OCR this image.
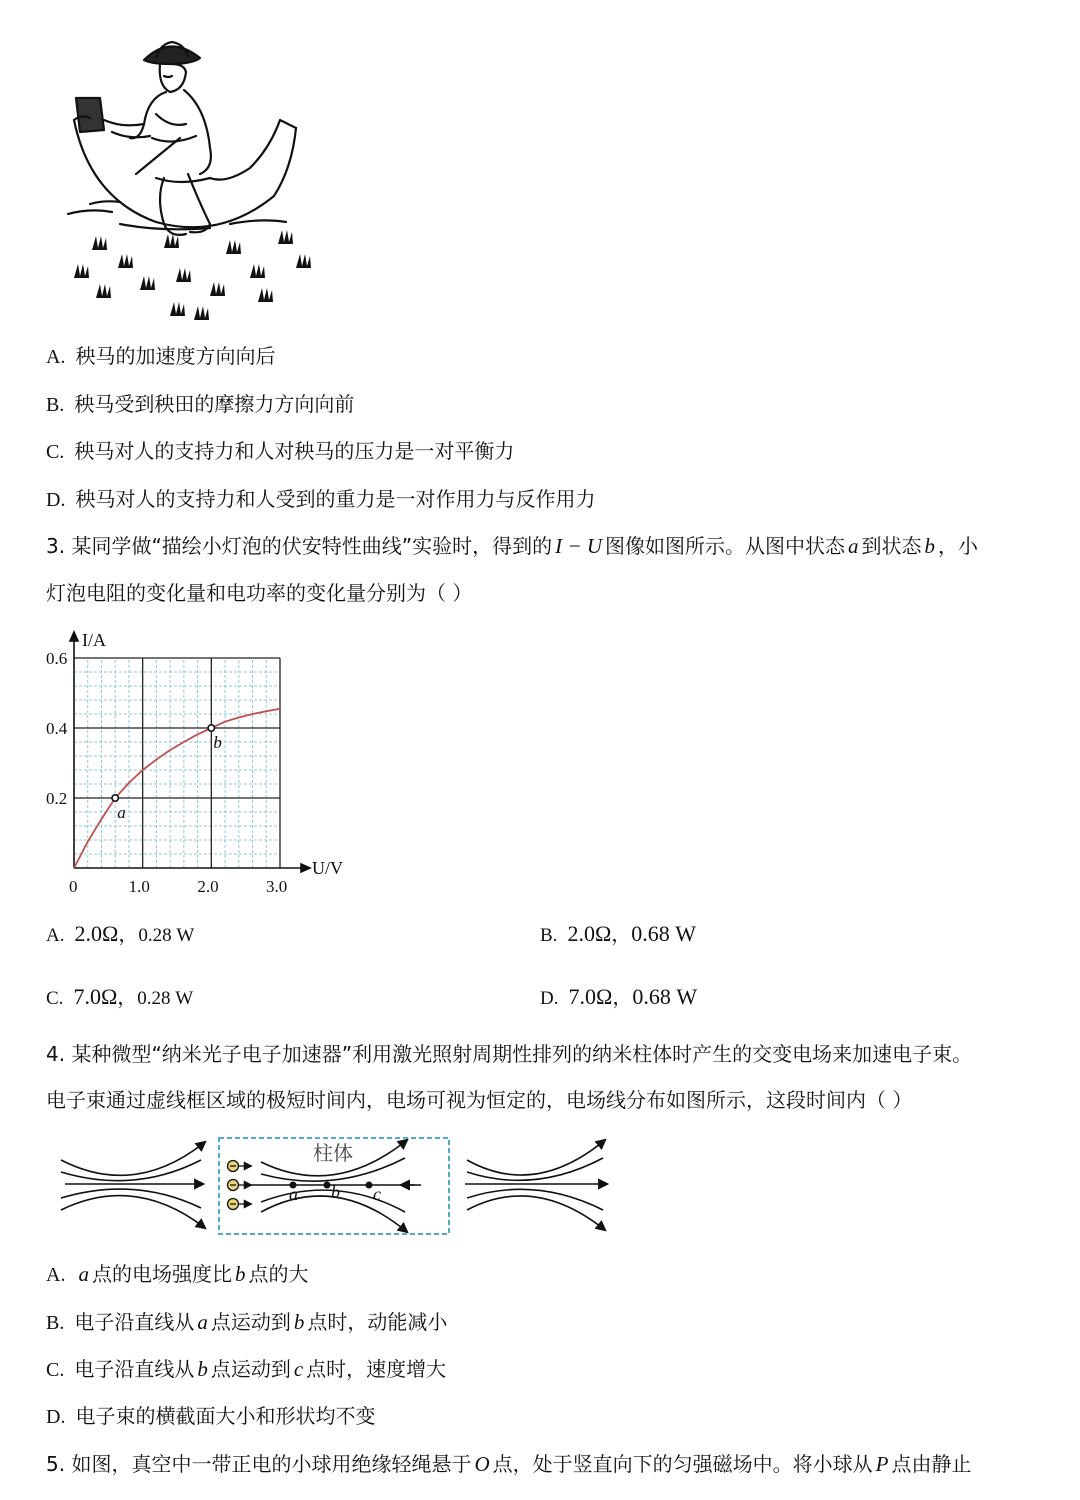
A. 秧马的加速度方向向后
B. 秧马受到秧田的摩擦力方向向前
C. 秧马对人的支持力和人对秧马的压力是一对平衡力
D. 秧马对人的支持力和人受到的重力是一对作用力与反作用力
3. 某同学做“描绘小灯泡的伏安特性曲线”实验时，得到的 I − U 图像如图所示。从图中状态 a 到状态 b ，小
灯泡电阻的变化量和电功率的变化量分别为（ ）
a
b
0	1.0	2.0	3.0
0.2
0.4
0.6
I/A
U/V
A. 2.0Ω，0.28 W	B. 2.0Ω，0.68 W
C. 7.0Ω，0.28 W	D. 7.0Ω，0.68 W
4. 某种微型“纳米光子电子加速器”利用激光照射周期性排列的纳米柱体时产生的交变电场来加速电子束。
电子束通过虚线框区域的极短时间内，电场可视为恒定的，电场线分布如图所示，这段时间内（ ）
柱体
a b c
A. a 点的电场强度比 b 点的大
B. 电子沿直线从 a 点运动到 b 点时，动能减小
C. 电子沿直线从 b 点运动到 c 点时，速度增大
D. 电子束的横截面大小和形状均不变
5. 如图，真空中一带正电的小球用绝缘轻绳悬于 O 点，处于竖直向下的匀强磁场中。将小球从 P 点由静止
